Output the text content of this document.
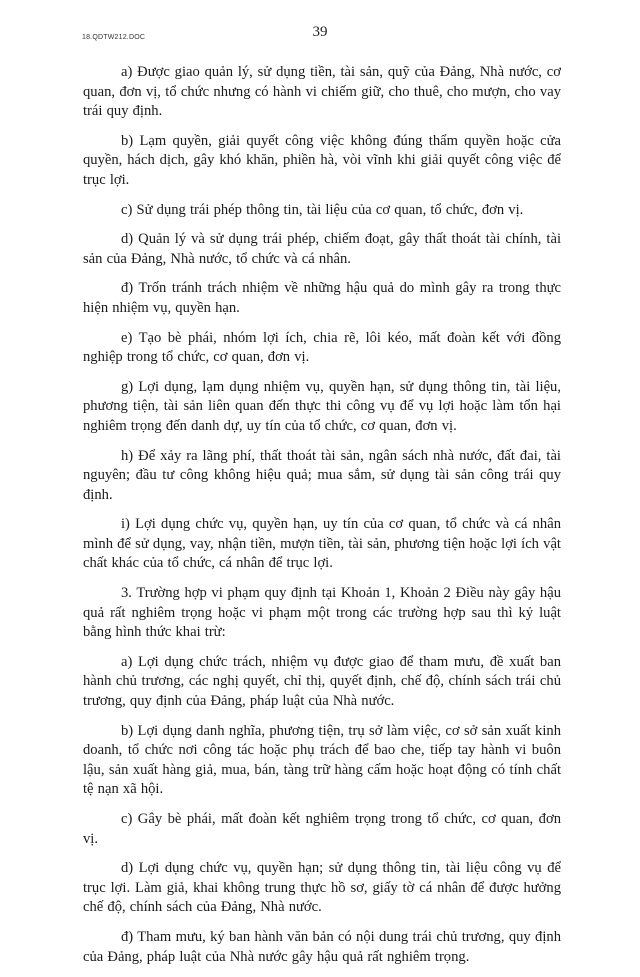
18.QDTW212.DOC	39

a) Được giao quản lý, sử dụng tiền, tài sản, quỹ của Đảng, Nhà nước, cơ quan, đơn vị, tổ chức nhưng có hành vi chiếm giữ, cho thuê, cho mượn, cho vay trái quy định.

b) Lạm quyền, giải quyết công việc không đúng thẩm quyền hoặc cửa quyền, hách dịch, gây khó khăn, phiền hà, vòi vĩnh khi giải quyết công việc để trục lợi.

c) Sử dụng trái phép thông tin, tài liệu của cơ quan, tổ chức, đơn vị.

d) Quản lý và sử dụng trái phép, chiếm đoạt, gây thất thoát tài chính, tài sản của Đảng, Nhà nước, tổ chức và cá nhân.

đ) Trốn tránh trách nhiệm về những hậu quả do mình gây ra trong thực hiện nhiệm vụ, quyền hạn.

e) Tạo bè phái, nhóm lợi ích, chia rẽ, lôi kéo, mất đoàn kết với đồng nghiệp trong tổ chức, cơ quan, đơn vị.

g) Lợi dụng, lạm dụng nhiệm vụ, quyền hạn, sử dụng thông tin, tài liệu, phương tiện, tài sản liên quan đến thực thi công vụ để vụ lợi hoặc làm tổn hại nghiêm trọng đến danh dự, uy tín của tổ chức, cơ quan, đơn vị.

h) Để xảy ra lãng phí, thất thoát tài sản, ngân sách nhà nước, đất đai, tài nguyên; đầu tư công không hiệu quả; mua sắm, sử dụng tài sản công trái quy định.

i) Lợi dụng chức vụ, quyền hạn, uy tín của cơ quan, tổ chức và cá nhân mình để sử dụng, vay, nhận tiền, mượn tiền, tài sản, phương tiện hoặc lợi ích vật chất khác của tổ chức, cá nhân để trục lợi.

3. Trường hợp vi phạm quy định tại Khoản 1, Khoản 2 Điều này gây hậu quả rất nghiêm trọng hoặc vi phạm một trong các trường hợp sau thì kỷ luật bằng hình thức khai trừ:

a) Lợi dụng chức trách, nhiệm vụ được giao để tham mưu, đề xuất ban hành chủ trương, các nghị quyết, chỉ thị, quyết định, chế độ, chính sách trái chủ trương, quy định của Đảng, pháp luật của Nhà nước.

b) Lợi dụng danh nghĩa, phương tiện, trụ sở làm việc, cơ sở sản xuất kinh doanh, tổ chức nơi công tác hoặc phụ trách để bao che, tiếp tay hành vi buôn lậu, sản xuất hàng giả, mua, bán, tàng trữ hàng cấm hoặc hoạt động có tính chất tệ nạn xã hội.

c) Gây bè phái, mất đoàn kết nghiêm trọng trong tổ chức, cơ quan, đơn vị.

d) Lợi dụng chức vụ, quyền hạn; sử dụng thông tin, tài liệu công vụ để trục lợi. Làm giả, khai không trung thực hồ sơ, giấy tờ cá nhân để được hưởng chế độ, chính sách của Đảng, Nhà nước.

đ) Tham mưu, ký ban hành văn bản có nội dung trái chủ trương, quy định của Đảng, pháp luật của Nhà nước gây hậu quả rất nghiêm trọng.
